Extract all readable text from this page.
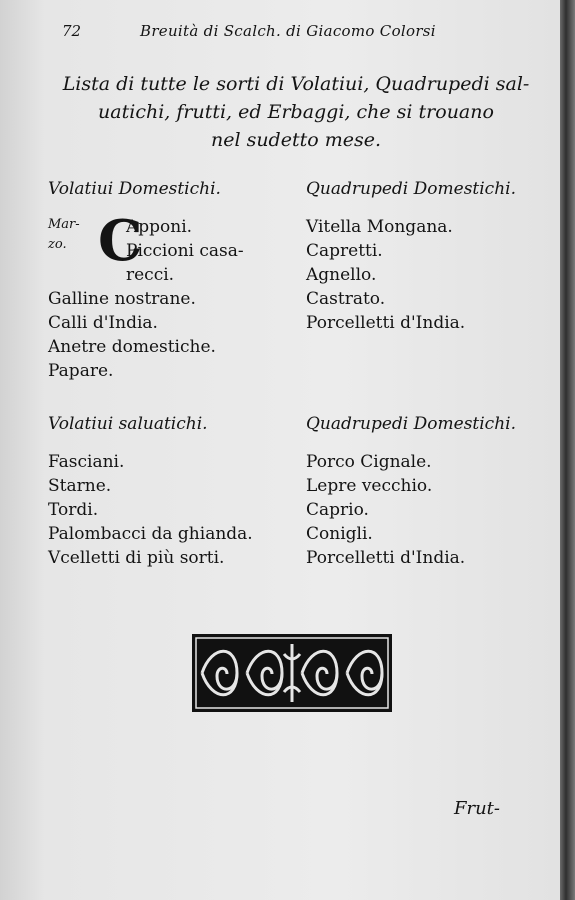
72	Breuità di Scalch. di Giacomo Colorsi
Lista di tutte le sorti di Volatiui, Quadrupedi sal-
uatichi, frutti, ed Erbaggi, che si trouano
nel sudetto mese.
Volatiui Domestichi.
Mar-
zo. C
Apponi.
Piccioni casa-
recci.
Galline nostrane.
Calli d'India.
Anetre domestiche.
Papare.
Quadrupedi Domestichi.
Vitella Mongana.
Capretti.
Agnello.
Castrato.
Porcelletti d'India.
Volatiui saluatichi.
Fasciani.
Starne.
Tordi.
Palombacci da ghianda.
Vcelletti di più sorti.
Quadrupedi Domestichi.
Porco Cignale.
Lepre vecchio.
Caprio.
Conigli.
Porcelletti d'India.
Frut-
